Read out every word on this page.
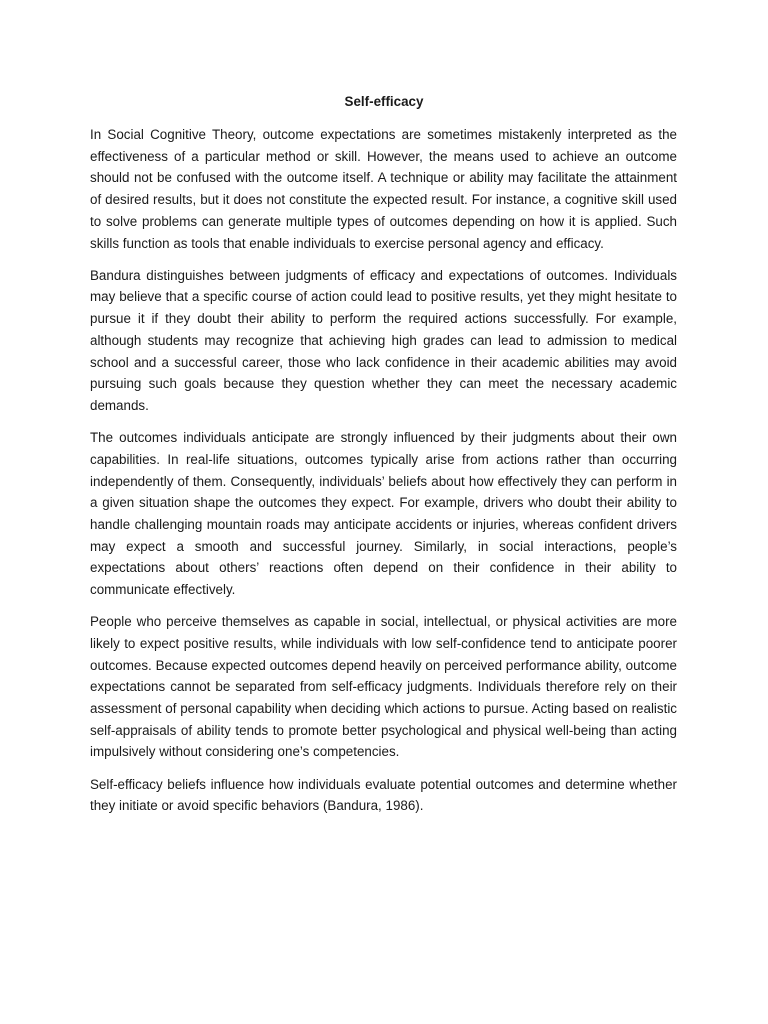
Self-efficacy

In Social Cognitive Theory, outcome expectations are sometimes mistakenly interpreted as the effectiveness of a particular method or skill. However, the means used to achieve an outcome should not be confused with the outcome itself. A technique or ability may facilitate the attainment of desired results, but it does not constitute the expected result. For instance, a cognitive skill used to solve problems can generate multiple types of outcomes depending on how it is applied. Such skills function as tools that enable individuals to exercise personal agency and efficacy.

Bandura distinguishes between judgments of efficacy and expectations of outcomes. Individuals may believe that a specific course of action could lead to positive results, yet they might hesitate to pursue it if they doubt their ability to perform the required actions successfully. For example, although students may recognize that achieving high grades can lead to admission to medical school and a successful career, those who lack confidence in their academic abilities may avoid pursuing such goals because they question whether they can meet the necessary academic demands.

The outcomes individuals anticipate are strongly influenced by their judgments about their own capabilities. In real-life situations, outcomes typically arise from actions rather than occurring independently of them. Consequently, individuals’ beliefs about how effectively they can perform in a given situation shape the outcomes they expect. For example, drivers who doubt their ability to handle challenging mountain roads may anticipate accidents or injuries, whereas confident drivers may expect a smooth and successful journey. Similarly, in social interactions, people’s expectations about others’ reactions often depend on their confidence in their ability to communicate effectively.

People who perceive themselves as capable in social, intellectual, or physical activities are more likely to expect positive results, while individuals with low self-confidence tend to anticipate poorer outcomes. Because expected outcomes depend heavily on perceived performance ability, outcome expectations cannot be separated from self-efficacy judgments. Individuals therefore rely on their assessment of personal capability when deciding which actions to pursue. Acting based on realistic self-appraisals of ability tends to promote better psychological and physical well-being than acting impulsively without considering one’s competencies.

Self-efficacy beliefs influence how individuals evaluate potential outcomes and determine whether they initiate or avoid specific behaviors (Bandura, 1986).
